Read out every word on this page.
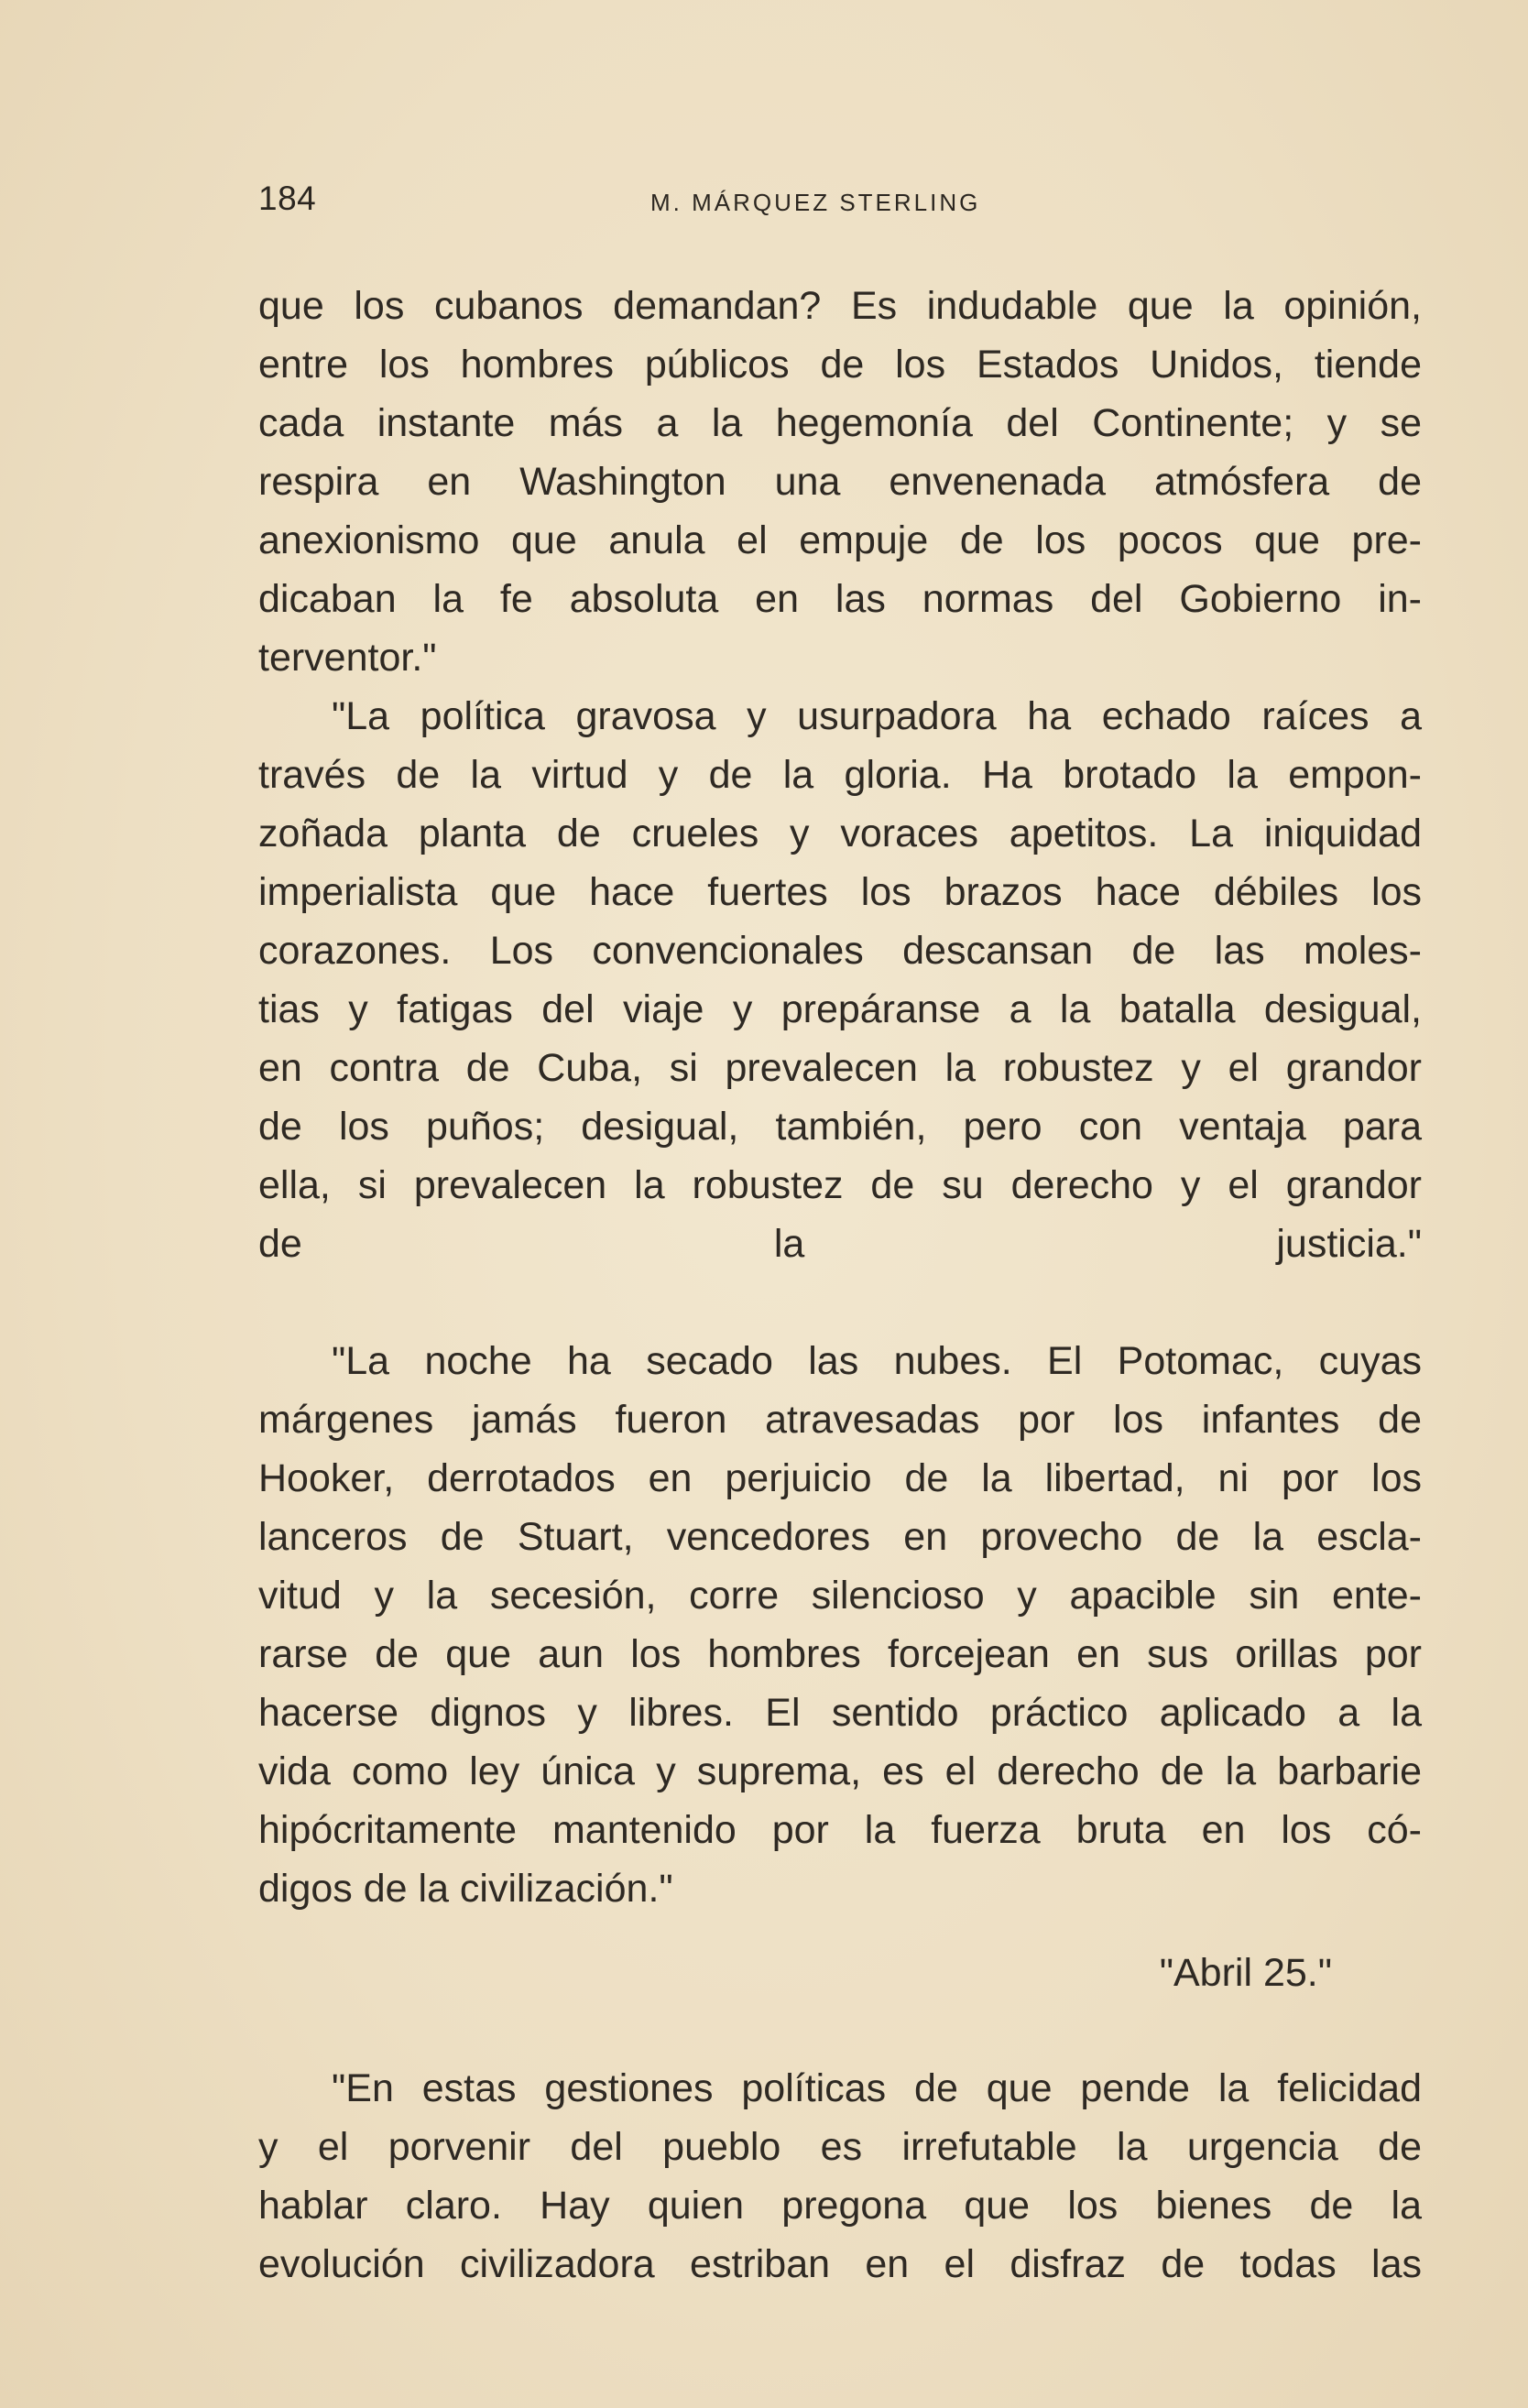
184	M. MÁRQUEZ STERLING
que los cubanos demandan? Es indudable que la opinión,
entre los hombres públicos de los Estados Unidos, tiende
cada instante más a la hegemonía del Continente; y se
respira en Washington una envenenada atmósfera de
anexionismo que anula el empuje de los pocos que pre-
dicaban la fe absoluta en las normas del Gobierno in-
terventor."
"La política gravosa y usurpadora ha echado raíces a
través de la virtud y de la gloria. Ha brotado la empon-
zoñada planta de crueles y voraces apetitos. La iniquidad
imperialista que hace fuertes los brazos hace débiles los
corazones. Los convencionales descansan de las moles-
tias y fatigas del viaje y prepáranse a la batalla desigual,
en contra de Cuba, si prevalecen la robustez y el grandor
de los puños; desigual, también, pero con ventaja para
ella, si prevalecen la robustez de su derecho y el grandor
de la justicia."
"La noche ha secado las nubes. El Potomac, cuyas
márgenes jamás fueron atravesadas por los infantes de
Hooker, derrotados en perjuicio de la libertad, ni por los
lanceros de Stuart, vencedores en provecho de la escla-
vitud y la secesión, corre silencioso y apacible sin ente-
rarse de que aun los hombres forcejean en sus orillas por
hacerse dignos y libres. El sentido práctico aplicado a la
vida como ley única y suprema, es el derecho de la barbarie
hipócritamente mantenido por la fuerza bruta en los có-
digos de la civilización."
"Abril 25."
"En estas gestiones políticas de que pende la felicidad
y el porvenir del pueblo es irrefutable la urgencia de
hablar claro. Hay quien pregona que los bienes de la
evolución civilizadora estriban en el disfraz de todas las
